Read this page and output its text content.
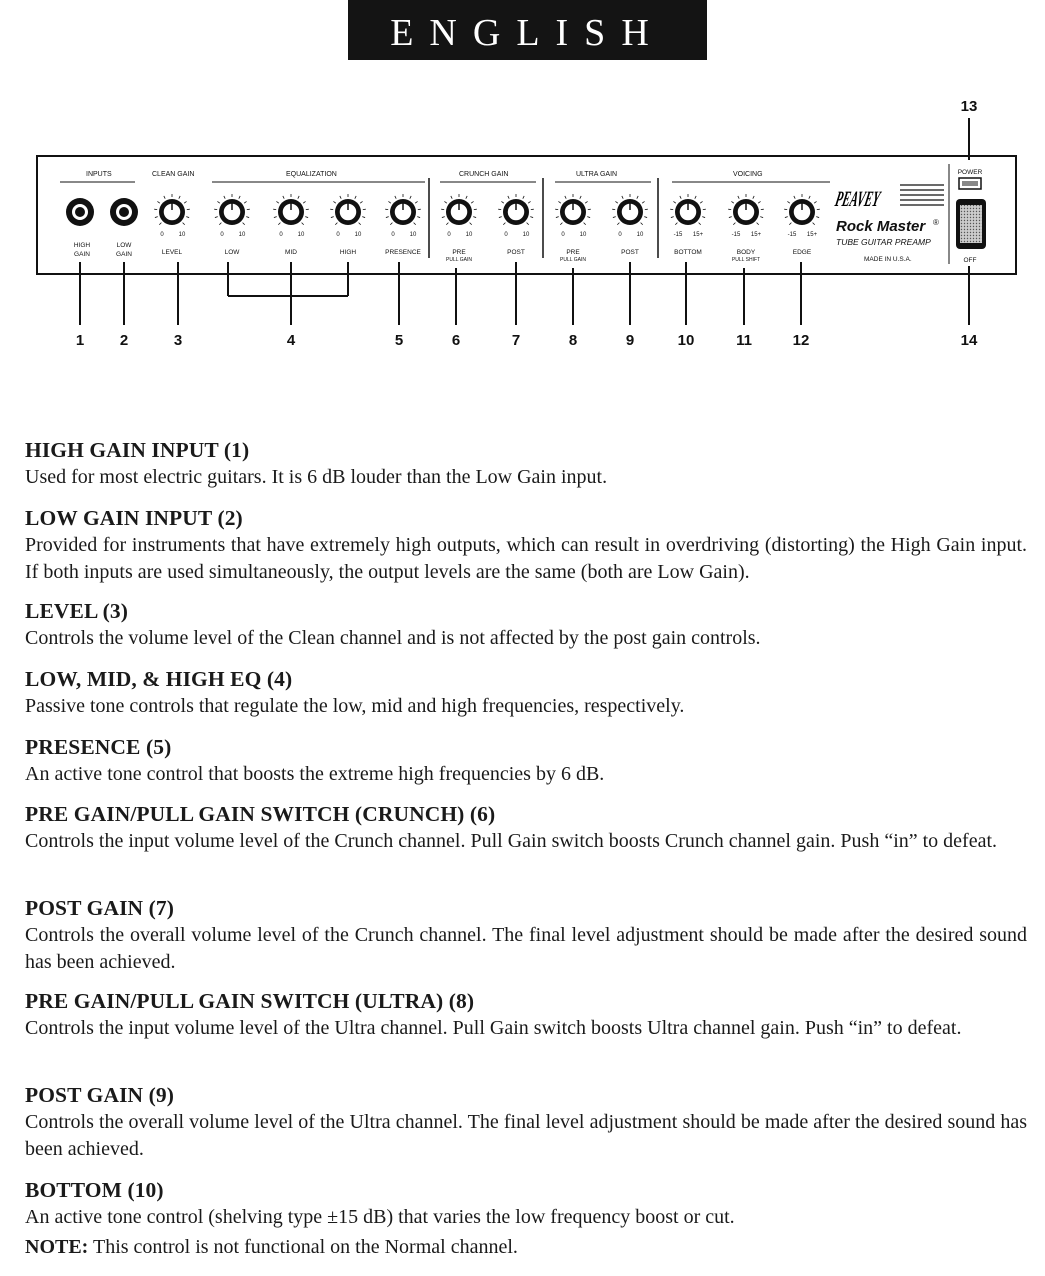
ENGLISH
INPUTS	CLEAN GAIN	EQUALIZATION	CRUNCH GAIN	ULTRA GAIN	VOICING
HIGH
GAIN
LOW
GAIN
0 10
LEVEL
0 10
LOW
0 10
MID
0 10
HIGH
0 10
PRESENCE
0 10
PRE
PULL GAIN
0 10
POST
0 10
PRE
PULL GAIN
0 10
POST
-15 15+
BOTTOM
-15 15+
BODY
PULL SHIFT
-15 15+
EDGE
PEAVEY
Rock Master ®
TUBE GUITAR PREAMP
MADE IN U.S.A.
POWER
OFF
1 2	3	4	5	6	7	8	9	10	11	12
13
14
HIGH GAIN INPUT (1)

Used for most electric guitars. It is 6 dB louder than the Low Gain input.

LOW GAIN INPUT (2)

Provided for instruments that have extremely high outputs, which can result in overdriving (distorting) the High Gain input. If both inputs are used simultaneously, the output levels are the same (both are Low Gain).

LEVEL (3)

Controls the volume level of the Clean channel and is not affected by the post gain controls.

LOW, MID, & HIGH EQ (4)

Passive tone controls that regulate the low, mid and high frequencies, respectively.

PRESENCE (5)

An active tone control that boosts the extreme high frequencies by 6 dB.

PRE GAIN/PULL GAIN SWITCH (CRUNCH) (6)

Controls the input volume level of the Crunch channel. Pull Gain switch boosts Crunch channel gain. Push “in” to defeat.

POST GAIN (7)

Controls the overall volume level of the Crunch channel. The final level adjustment should be made after the desired sound has been achieved.

PRE GAIN/PULL GAIN SWITCH (ULTRA) (8)

Controls the input volume level of the Ultra channel. Pull Gain switch boosts Ultra channel gain. Push “in” to defeat.

POST GAIN (9)

Controls the overall volume level of the Ultra channel. The final level adjustment should be made after the desired sound has been achieved.

BOTTOM (10)

An active tone control (shelving type ±15 dB) that varies the low frequency boost or cut.

NOTE: This control is not functional on the Normal channel.
